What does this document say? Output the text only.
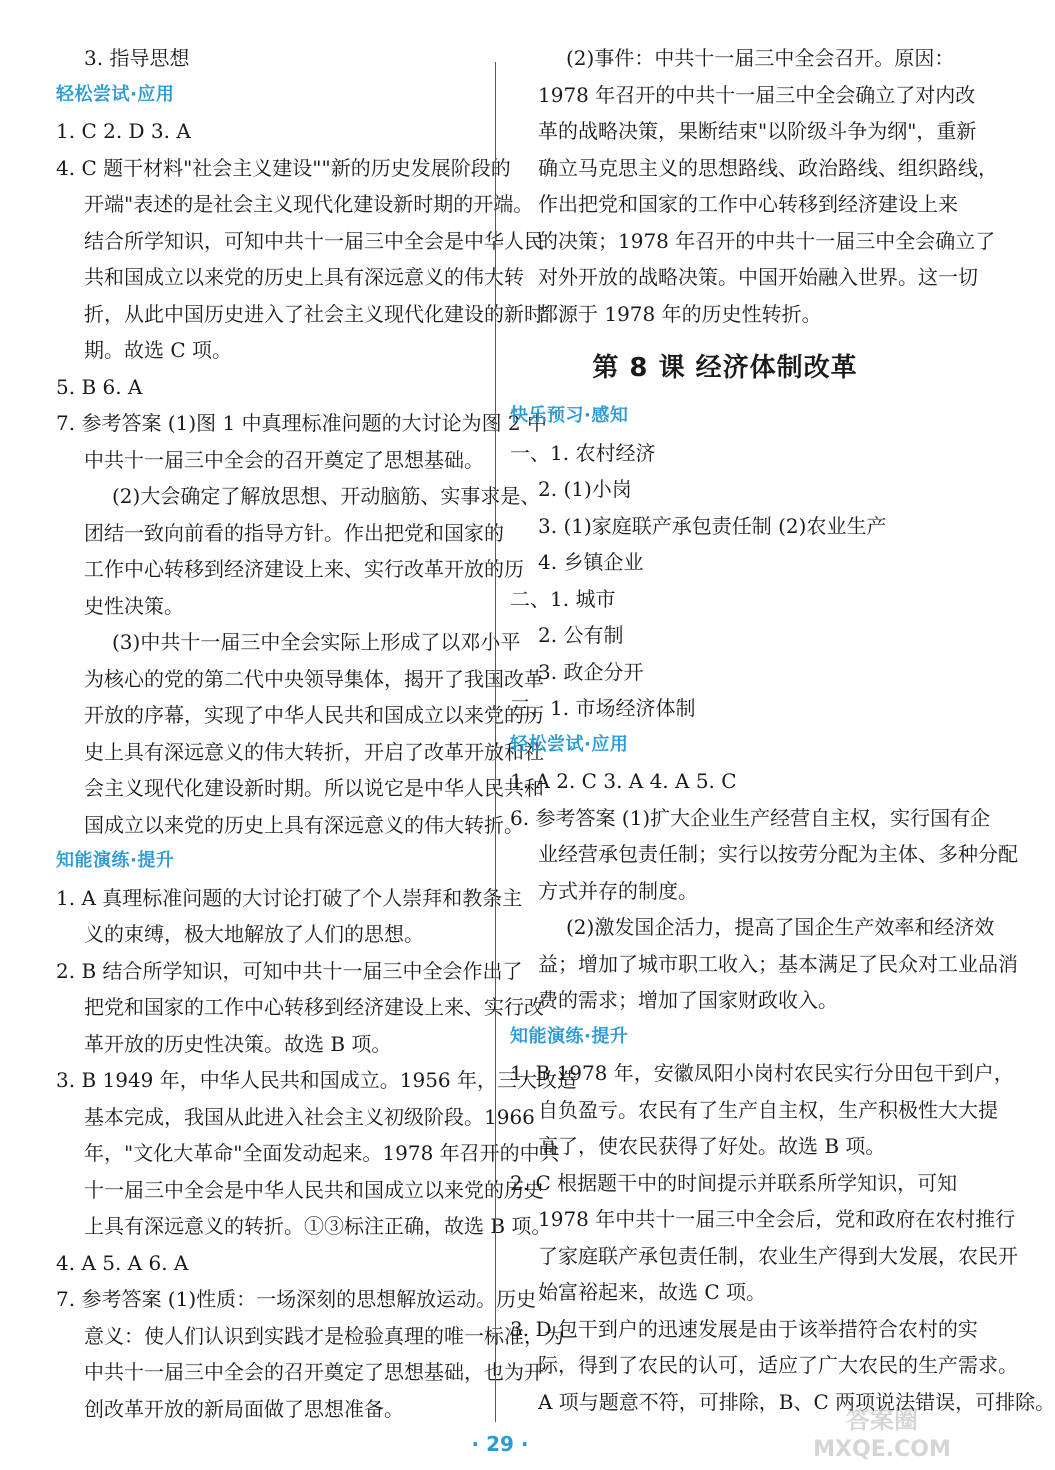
3. 指导思想
轻松尝试·应用
1. C 2. D 3. A
4. C 题干材料"社会主义建设""新的历史发展阶段的
开端"表述的是社会主义现代化建设新时期的开端。
结合所学知识，可知中共十一届三中全会是中华人民
共和国成立以来党的历史上具有深远意义的伟大转
折，从此中国历史进入了社会主义现代化建设的新时
期。故选 C 项。
5. B 6. A
7. 参考答案 (1)图 1 中真理标准问题的大讨论为图 2 中
中共十一届三中全会的召开奠定了思想基础。
(2)大会确定了解放思想、开动脑筋、实事求是、
团结一致向前看的指导方针。作出把党和国家的
工作中心转移到经济建设上来、实行改革开放的历
史性决策。
(3)中共十一届三中全会实际上形成了以邓小平
为核心的党的第二代中央领导集体，揭开了我国改革
开放的序幕，实现了中华人民共和国成立以来党的历
史上具有深远意义的伟大转折，开启了改革开放和社
会主义现代化建设新时期。所以说它是中华人民共和
国成立以来党的历史上具有深远意义的伟大转折。
知能演练·提升
1. A 真理标准问题的大讨论打破了个人崇拜和教条主
义的束缚，极大地解放了人们的思想。
2. B 结合所学知识，可知中共十一届三中全会作出了
把党和国家的工作中心转移到经济建设上来、实行改
革开放的历史性决策。故选 B 项。
3. B 1949 年，中华人民共和国成立。1956 年，三大改造
基本完成，我国从此进入社会主义初级阶段。1966
年，"文化大革命"全面发动起来。1978 年召开的中共
十一届三中全会是中华人民共和国成立以来党的历史
上具有深远意义的转折。①③标注正确，故选 B 项。
4. A 5. A 6. A
7. 参考答案 (1)性质：一场深刻的思想解放运动。历史
意义：使人们认识到实践才是检验真理的唯一标准，为
中共十一届三中全会的召开奠定了思想基础，也为开
创改革开放的新局面做了思想准备。
(2)事件：中共十一届三中全会召开。原因：
1978 年召开的中共十一届三中全会确立了对内改
革的战略决策，果断结束"以阶级斗争为纲"，重新
确立马克思主义的思想路线、政治路线、组织路线，
作出把党和国家的工作中心转移到经济建设上来
的决策；1978 年召开的中共十一届三中全会确立了
对外开放的战略决策。中国开始融入世界。这一切
都源于 1978 年的历史性转折。
第 8 课 经济体制改革
快乐预习·感知
一、1. 农村经济
2. (1)小岗
3. (1)家庭联产承包责任制 (2)农业生产
4. 乡镇企业
二、1. 城市
2. 公有制
3. 政企分开
三、1. 市场经济体制
轻松尝试·应用
1. A 2. C 3. A 4. A 5. C
6. 参考答案 (1)扩大企业生产经营自主权，实行国有企
业经营承包责任制；实行以按劳分配为主体、多种分配
方式并存的制度。
(2)激发国企活力，提高了国企生产效率和经济效
益；增加了城市职工收入；基本满足了民众对工业品消
费的需求；增加了国家财政收入。
知能演练·提升
1. B 1978 年，安徽凤阳小岗村农民实行分田包干到户，
自负盈亏。农民有了生产自主权，生产积极性大大提
高了，使农民获得了好处。故选 B 项。
2. C 根据题干中的时间提示并联系所学知识，可知
1978 年中共十一届三中全会后，党和政府在农村推行
了家庭联产承包责任制，农业生产得到大发展，农民开
始富裕起来，故选 C 项。
3. D 包干到户的迅速发展是由于该举措符合农村的实
际，得到了农民的认可，适应了广大农民的生产需求。
A 项与题意不符，可排除，B、C 两项说法错误，可排除。
· 29 ·
答案圈
MXQE.COM
